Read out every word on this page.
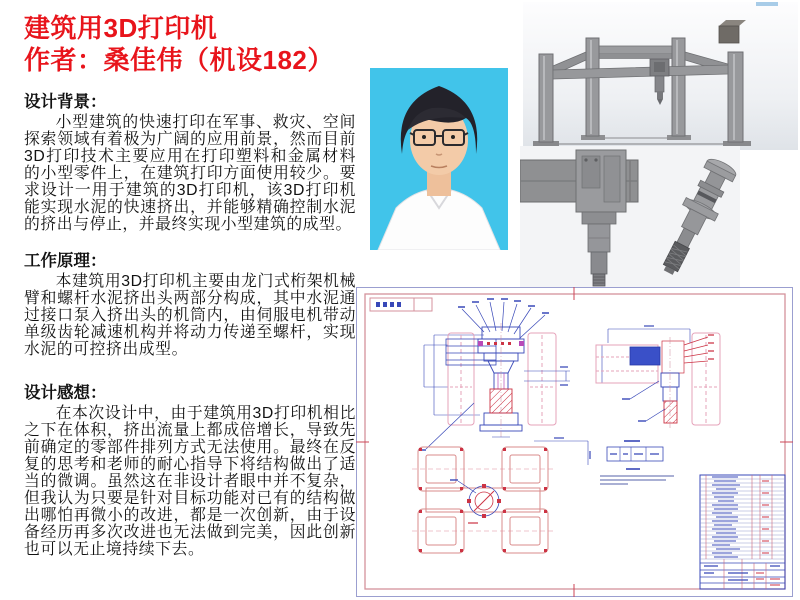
建筑用3D打印机
作者：桑佳伟（机设182）

设计背景：

小型建筑的快速打印在军事、救灾、空间探索领域有着极为广阔的应用前景，然而目前3D打印技术主要应用在打印塑料和金属材料的小型零件上，在建筑打印方面使用较少。要求设计一用于建筑的3D打印机，该3D打印机能实现水泥的快速挤出，并能够精确控制水泥的挤出与停止，并最终实现小型建筑的成型。

工作原理：

本建筑用3D打印机主要由龙门式桁架机械臂和螺杆水泥挤出头两部分构成，其中水泥通过接口泵入挤出头的机筒内，由伺服电机带动单级齿轮减速机构并将动力传递至螺杆，实现水泥的可控挤出成型。

设计感想：

在本次设计中，由于建筑用3D打印机相比之下在体积，挤出流量上都成倍增长，导致先前确定的零部件排列方式无法使用。最终在反复的思考和老师的耐心指导下将结构做出了适当的微调。虽然这在非设计者眼中并不复杂，但我认为只要是针对目标功能对已有的结构做出哪怕再微小的改进，都是一次创新，由于设备经历再多次改进也无法做到完美，因此创新也可以无止境持续下去。
